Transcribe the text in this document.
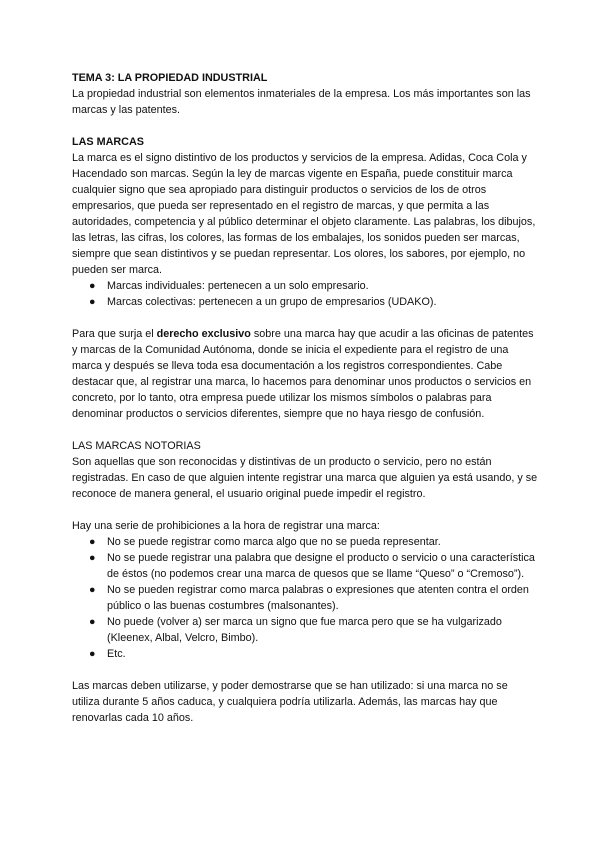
TEMA 3: LA PROPIEDAD INDUSTRIAL

La propiedad industrial son elementos inmateriales de la empresa. Los más importantes son las marcas y las patentes.

LAS MARCAS

La marca es el signo distintivo de los productos y servicios de la empresa. Adidas, Coca Cola y Hacendado son marcas. Según la ley de marcas vigente en España, puede constituir marca cualquier signo que sea apropiado para distinguir productos o servicios de los de otros empresarios, que pueda ser representado en el registro de marcas, y que permita a las autoridades, competencia y al público determinar el objeto claramente. Las palabras, los dibujos, las letras, las cifras, los colores, las formas de los embalajes, los sonidos pueden ser marcas, siempre que sean distintivos y se puedan representar. Los olores, los sabores, por ejemplo, no pueden ser marca.

● Marcas individuales: pertenecen a un solo empresario.
● Marcas colectivas: pertenecen a un grupo de empresarios (UDAKO).

Para que surja el derecho exclusivo sobre una marca hay que acudir a las oficinas de patentes y marcas de la Comunidad Autónoma, donde se inicia el expediente para el registro de una marca y después se lleva toda esa documentación a los registros correspondientes. Cabe destacar que, al registrar una marca, lo hacemos para denominar unos productos o servicios en concreto, por lo tanto, otra empresa puede utilizar los mismos símbolos o palabras para denominar productos o servicios diferentes, siempre que no haya riesgo de confusión.

LAS MARCAS NOTORIAS

Son aquellas que son reconocidas y distintivas de un producto o servicio, pero no están registradas. En caso de que alguien intente registrar una marca que alguien ya está usando, y se reconoce de manera general, el usuario original puede impedir el registro.

Hay una serie de prohibiciones a la hora de registrar una marca:

● No se puede registrar como marca algo que no se pueda representar.
● No se puede registrar una palabra que designe el producto o servicio o una característica de éstos (no podemos crear una marca de quesos que se llame “Queso” o “Cremoso”).
● No se pueden registrar como marca palabras o expresiones que atenten contra el orden público o las buenas costumbres (malsonantes).
● No puede (volver a) ser marca un signo que fue marca pero que se ha vulgarizado (Kleenex, Albal, Velcro, Bimbo).
● Etc.

Las marcas deben utilizarse, y poder demostrarse que se han utilizado: si una marca no se utiliza durante 5 años caduca, y cualquiera podría utilizarla. Además, las marcas hay que renovarlas cada 10 años.
